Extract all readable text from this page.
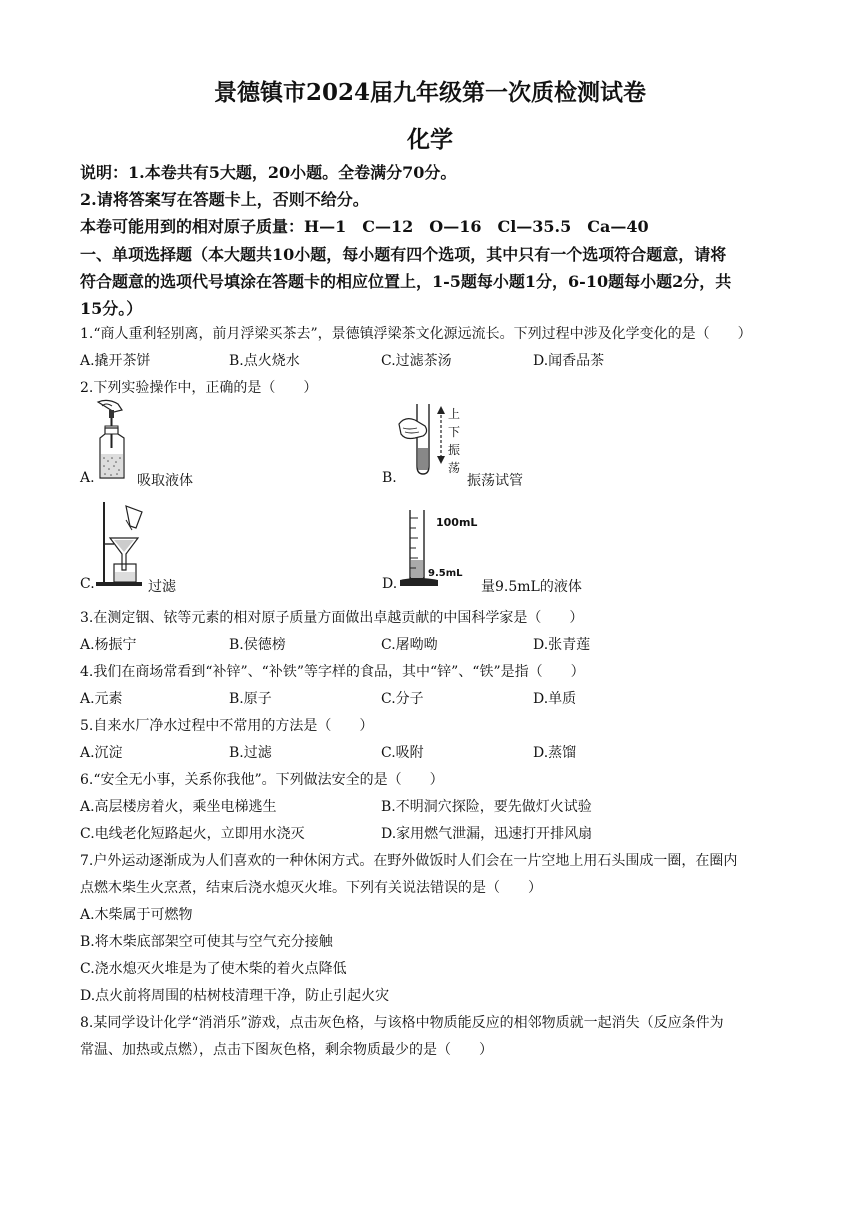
景德镇市2024届九年级第一次质检测试卷
化学
说明：1.本卷共有5大题，20小题。全卷满分70分。
2.请将答案写在答题卡上，否则不给分。
本卷可能用到的相对原子质量：H—1　C—12　O—16　Cl—35.5　Ca—40
一、单项选择题（本大题共10小题，每小题有四个选项，其中只有一个选项符合题意，请将
符合题意的选项代号填涂在答题卡的相应位置上，1-5题每小题1分，6-10题每小题2分，共
15分。）
1.“商人重利轻别离，前月浮梁买茶去”，景德镇浮梁茶文化源远流长。下列过程中涉及化学变化的是（　　）
A.撬开茶饼	B.点火烧水	C.过滤茶汤	D.闻香品茶
2.下列实验操作中，正确的是（　　）
A.	吸取液体
上
下
振
荡
B.	振荡试管
C.	过滤
100mL
9.5mL
D.	量9.5mL的液体
3.在测定铟、铱等元素的相对原子质量方面做出卓越贡献的中国科学家是（　　）
A.杨振宁	B.侯德榜	C.屠呦呦	D.张青莲
4.我们在商场常看到“补锌”、“补铁”等字样的食品，其中“锌”、“铁”是指（　　）
A.元素	B.原子	C.分子	D.单质
5.自来水厂净水过程中不常用的方法是（　　）
A.沉淀	B.过滤	C.吸附	D.蒸馏
6.“安全无小事，关系你我他”。下列做法安全的是（　　）
A.高层楼房着火，乘坐电梯逃生	B.不明洞穴探险，要先做灯火试验
C.电线老化短路起火，立即用水浇灭	D.家用燃气泄漏，迅速打开排风扇
7.户外运动逐渐成为人们喜欢的一种休闲方式。在野外做饭时人们会在一片空地上用石头围成一圈，在圈内
点燃木柴生火烹煮，结束后浇水熄灭火堆。下列有关说法错误的是（　　）
A.木柴属于可燃物
B.将木柴底部架空可使其与空气充分接触
C.浇水熄灭火堆是为了使木柴的着火点降低
D.点火前将周围的枯树枝清理干净，防止引起火灾
8.某同学设计化学“消消乐”游戏，点击灰色格，与该格中物质能反应的相邻物质就一起消失（反应条件为
常温、加热或点燃），点击下图灰色格，剩余物质最少的是（　　）
